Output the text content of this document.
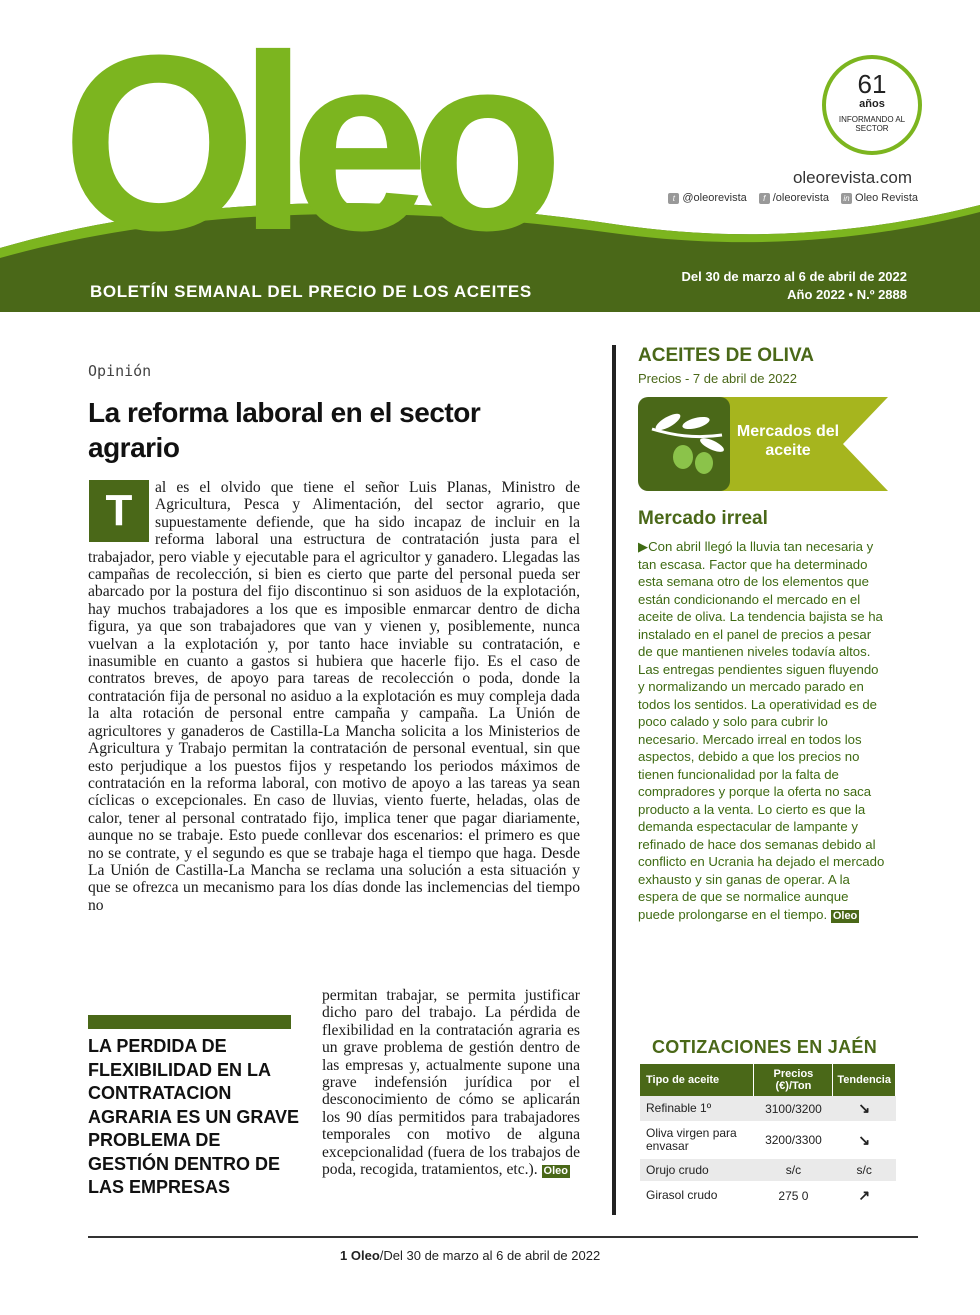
Oleo	61
años
INFORMANDO AL SECTOR
oleorevista.com
t @oleorevista	f /oleorevista in Oleo Revista
BOLETÍN SEMANAL DEL PRECIO DE LOS ACEITES
Del 30 de marzo al 6 de abril de 2022
Año 2022 • N.º 2888
Opinión
La reforma laboral en el sector agrario
T	al es el olvido que tiene el señor Luis Planas, Ministro de Agricultura, Pesca y Alimentación, del sector agrario, que supuestamente defiende, que ha sido incapaz de incluir en la reforma laboral una estructura de contratación justa para el trabajador, pero viable y ejecutable para el agricultor y ganadero. Llegadas las campañas de recolección, si bien es cierto que parte del personal pueda ser abarcado por la postura del fijo discontinuo si son asiduos de la explotación, hay muchos trabajadores a los que es imposible enmarcar dentro de dicha figura, ya que son trabajadores que van y vienen y, posiblemente, nunca vuelvan a la explotación y, por tanto hace inviable su contratación, e inasumible en cuanto a gastos si hubiera que hacerle fijo. Es el caso de contratos breves, de apoyo para tareas de recolección o poda, donde la contratación fija de personal no asiduo a la explotación es muy compleja dada la alta rotación de personal entre campaña y campaña. La Unión de agricultores y ganaderos de Castilla-La Mancha solicita a los Ministerios de Agricultura y Trabajo permitan la contratación de personal eventual, sin que esto perjudique a los puestos fijos y respetando los periodos máximos de contratación en la reforma laboral, con motivo de apoyo a las tareas ya sean cíclicas o excepcionales. En caso de lluvias, viento fuerte, heladas, olas de calor, tener al personal contratado fijo, implica tener que pagar diariamente, aunque no se trabaje. Esto puede conllevar dos escenarios: el primero es que no se contrate, y el segundo es que se trabaje haga el tiempo que haga. Desde La Unión de Castilla-La Mancha se reclama una solución a esta situación y que se ofrezca un mecanismo para los días donde las inclemencias del tiempo no
permitan trabajar, se permita justificar dicho paro del trabajo. La pérdida de flexibilidad en la contratación agraria es un grave problema de gestión dentro de las empresas y, actualmente supone una grave indefensión jurídica por el desconocimiento de cómo se aplicarán los 90 días permitidos para trabajadores temporales con motivo de alguna excepcionalidad (fuera de los trabajos de poda, recogida, tratamientos, etc.). Oleo
LA PERDIDA DE FLEXIBILIDAD EN LA CONTRATACION AGRARIA ES UN GRAVE PROBLEMA DE GESTIÓN DENTRO DE LAS EMPRESAS
ACEITES DE OLIVA
Precios - 7 de abril de 2022
Mercados del aceite
Mercado irreal
▶Con abril llegó la lluvia tan necesaria y tan escasa. Factor que ha determinado esta semana otro de los elementos que están condicionando el mercado en el aceite de oliva. La tendencia bajista se ha instalado en el panel de precios a pesar de que mantienen niveles todavía altos. Las entregas pendientes siguen fluyendo y normalizando un mercado parado en todos los sentidos. La operatividad es de poco calado y solo para cubrir lo necesario. Mercado irreal en todos los aspectos, debido a que los precios no tienen funcionalidad por la falta de compradores y porque la oferta no saca producto a la venta. Lo cierto es que la demanda espectacular de lampante y refinado de hace dos semanas debido al conflicto en Ucrania ha dejado el mercado exhausto y sin ganas de operar. A la espera de que se normalice aunque puede prolongarse en el tiempo. Oleo
COTIZACIONES EN JAÉN
Tipo de aceite	Precios (€)/Ton	Tendencia
Refinable 1º	3100/3200	↘
Oliva virgen para envasar	3200/3300	↘
Orujo crudo	s/c	s/c
Girasol crudo	275 0	↗
1 Oleo/Del 30 de marzo al 6 de abril de 2022
